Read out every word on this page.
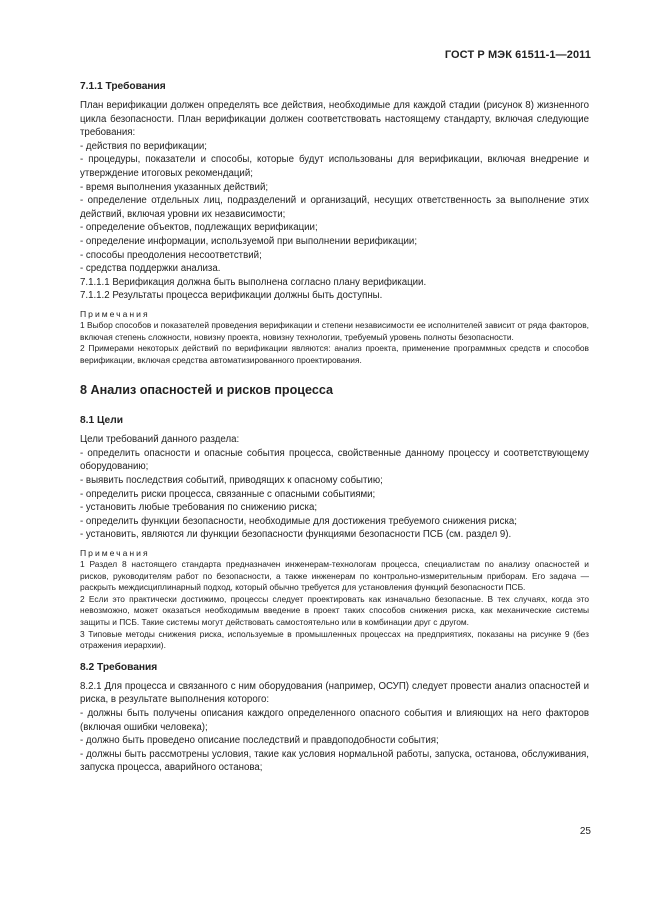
ГОСТ Р МЭК 61511-1—2011

7.1.1 Требования

План верификации должен определять все действия, необходимые для каждой стадии (рисунок 8) жизненного цикла безопасности. План верификации должен соответствовать настоящему стандарту, включая следующие требования:

- действия по верификации;

- процедуры, показатели и способы, которые будут использованы для верификации, включая внедрение и утверждение итоговых рекомендаций;

- время выполнения указанных действий;

- определение отдельных лиц, подразделений и организаций, несущих ответственность за выполнение этих действий, включая уровни их независимости;

- определение объектов, подлежащих верификации;

- определение информации, используемой при выполнении верификации;

- способы преодоления несоответствий;

- средства поддержки анализа.

7.1.1.1 Верификация должна быть выполнена согласно плану верификации.

7.1.1.2 Результаты процесса верификации должны быть доступны.

Примечания

1 Выбор способов и показателей проведения верификации и степени независимости ее исполнителей зависит от ряда факторов, включая степень сложности, новизну проекта, новизну технологии, требуемый уровень полноты безопасности.

2 Примерами некоторых действий по верификации являются: анализ проекта, применение программных средств и способов верификации, включая средства автоматизированного проектирования.

8 Анализ опасностей и рисков процесса

8.1 Цели

Цели требований данного раздела:

- определить опасности и опасные события процесса, свойственные данному процессу и соответствующему оборудованию;

- выявить последствия событий, приводящих к опасному событию;

- определить риски процесса, связанные с опасными событиями;

- установить любые требования по снижению риска;

- определить функции безопасности, необходимые для достижения требуемого снижения риска;

- установить, являются ли функции безопасности функциями безопасности ПСБ (см. раздел 9).

Примечания

1 Раздел 8 настоящего стандарта предназначен инженерам-технологам процесса, специалистам по анализу опасностей и рисков, руководителям работ по безопасности, а также инженерам по контрольно-измерительным приборам. Его задача — раскрыть междисциплинарный подход, который обычно требуется для установления функций безопасности ПСБ.

2 Если это практически достижимо, процессы следует проектировать как изначально безопасные. В тех случаях, когда это невозможно, может оказаться необходимым введение в проект таких способов снижения риска, как механические системы защиты и ПСБ. Такие системы могут действовать самостоятельно или в комбинации друг с другом.

3 Типовые методы снижения риска, используемые в промышленных процессах на предприятиях, показаны на рисунке 9 (без отражения иерархии).

8.2 Требования

8.2.1 Для процесса и связанного с ним оборудования (например, ОСУП) следует провести анализ опасностей и риска, в результате выполнения которого:

- должны быть получены описания каждого определенного опасного события и влияющих на него факторов (включая ошибки человека);

- должно быть проведено описание последствий и правдоподобности события;

- должны быть рассмотрены условия, такие как условия нормальной работы, запуска, останова, обслуживания, запуска процесса, аварийного останова;

25
